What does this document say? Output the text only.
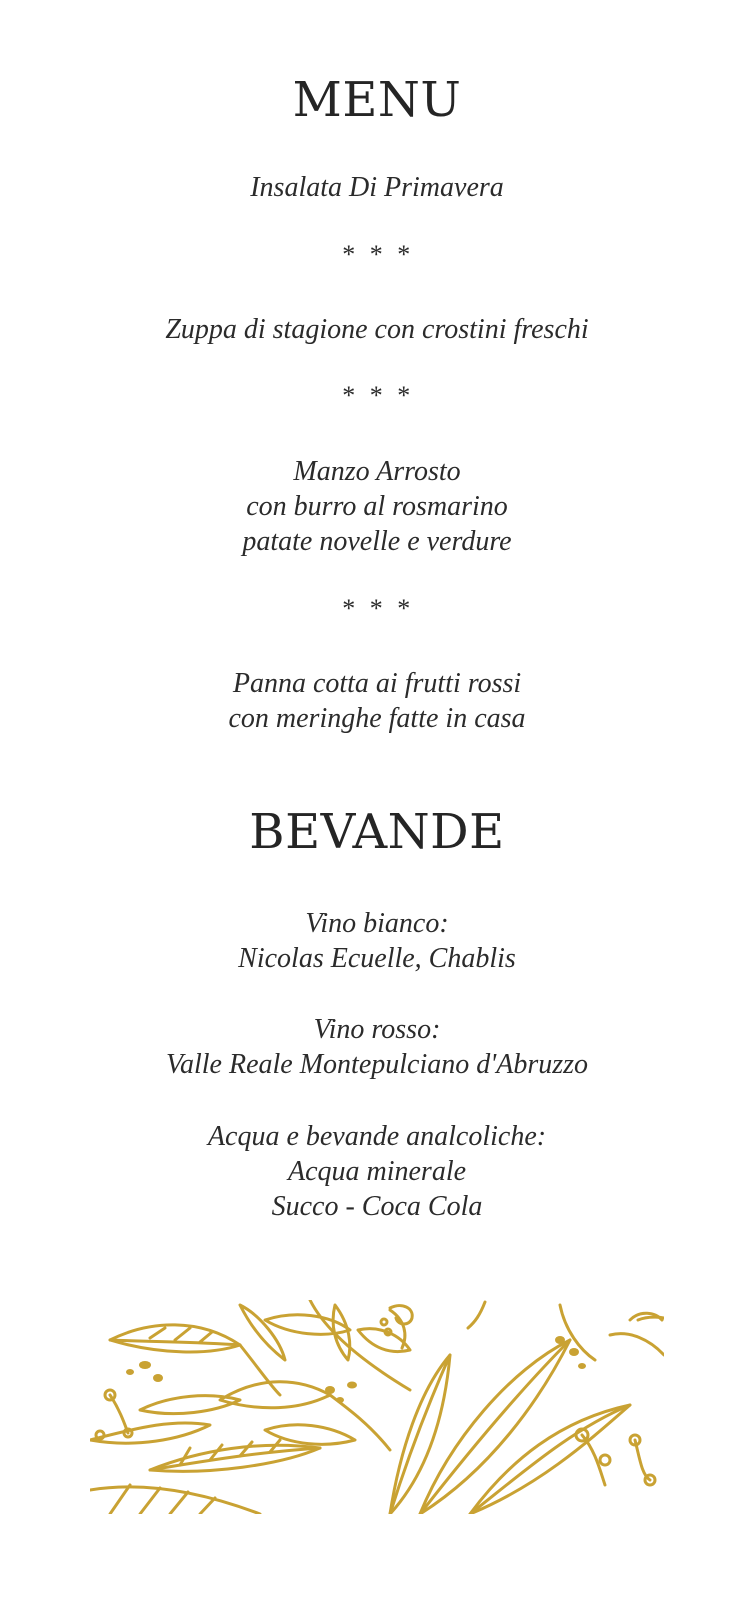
MENU
Insalata Di Primavera
* * *
Zuppa di stagione con crostini freschi
* * *
Manzo Arrosto
con burro al rosmarino
patate novelle e verdure
* * *
Panna cotta ai frutti rossi
con meringhe fatte in casa
BEVANDE
Vino bianco:
Nicolas Ecuelle, Chablis
Vino rosso:
Valle Reale Montepulciano d'Abruzzo
Acqua e bevande analcoliche:
Acqua minerale
Succo - Coca Cola
